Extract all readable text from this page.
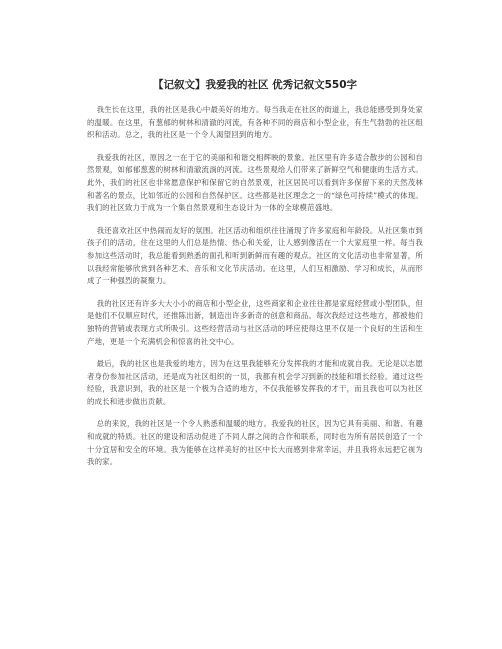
【记叙文】我爱我的社区 优秀记叙文550字

我生长在这里，我的社区是我心中最美好的地方。每当我走在社区的街道上，我总能感受到身处家的温暖。在这里，有葱郁的树林和清澈的河流，有各种不同的商店和小型企业，有生气勃勃的社区组织和活动。总之，我的社区是一个令人渴望回到的地方。

我爱我的社区，原因之一在于它的美丽和和谐交相辉映的景象。社区里有许多适合散步的公园和自然景观，如郁郁葱葱的树林和清澈流淌的河流。这些景观给人们带来了新鲜空气和健康的生活方式。此外，我们的社区也非常愿意保护和保留它的自然景观，社区居民可以看到许多保留下来的天然茂林和著名的景点，比如邻近的公园和自然保护区。这些都是社区理念之一的“绿色可持续”模式的体现。我们的社区致力于成为一个集自然景观和生态设计为一体的全球模范盛地。

我还喜欢社区中热闹而友好的氛围。社区活动和组织往往涌现了许多家庭和年龄段。从社区集市到孩子们的活动，住在这里的人们总是热情、热心和关爱，让人感到像活在一个大家庭里一样。每当我参加这些活动时，我总能看到熟悉的面孔和听到新鲜而有趣的观点。社区的文化活动也非常显著，所以我经常能够欣赏到各种艺术、音乐和文化节庆活动。在这里，人们互相激励、学习和成长，从而形成了一种强烈的凝聚力。

我的社区还有许多大大小小的商店和小型企业，这些商家和企业往往都是家庭经营或小型团队，但是他们不仅顺应时代，还推陈出新，制造出许多新奇的创意和商品。每次我经过这些地方，都被他们独特的营销或表现方式所吸引。这些经营活动与社区活动的呼应使得这里不仅是一个良好的生活和生产地，更是一个充满机会和惊喜的社交中心。

最后，我的社区也是我爱的地方，因为在这里我能够充分发挥我的才能和成就自我。无论是以志愿者身份参加社区活动，还是成为社区组织的一员，我都有机会学习到新的技能和增长经验。通过这些经验，我意识到，我的社区是一个极为合适的地方，不仅我能够发挥我的才干，而且我也可以为社区的成长和进步做出贡献。

总的来说，我的社区是一个令人熟悉和温暖的地方。我爱我的社区，因为它具有美丽、和谐、有趣和成就的特质。社区的建设和活动促进了不同人群之间的合作和联系，同时也为所有居民创造了一个十分宜居和安全的环境。我为能够在这样美好的社区中长大而感到非常幸运，并且我将永远把它视为我的家。
